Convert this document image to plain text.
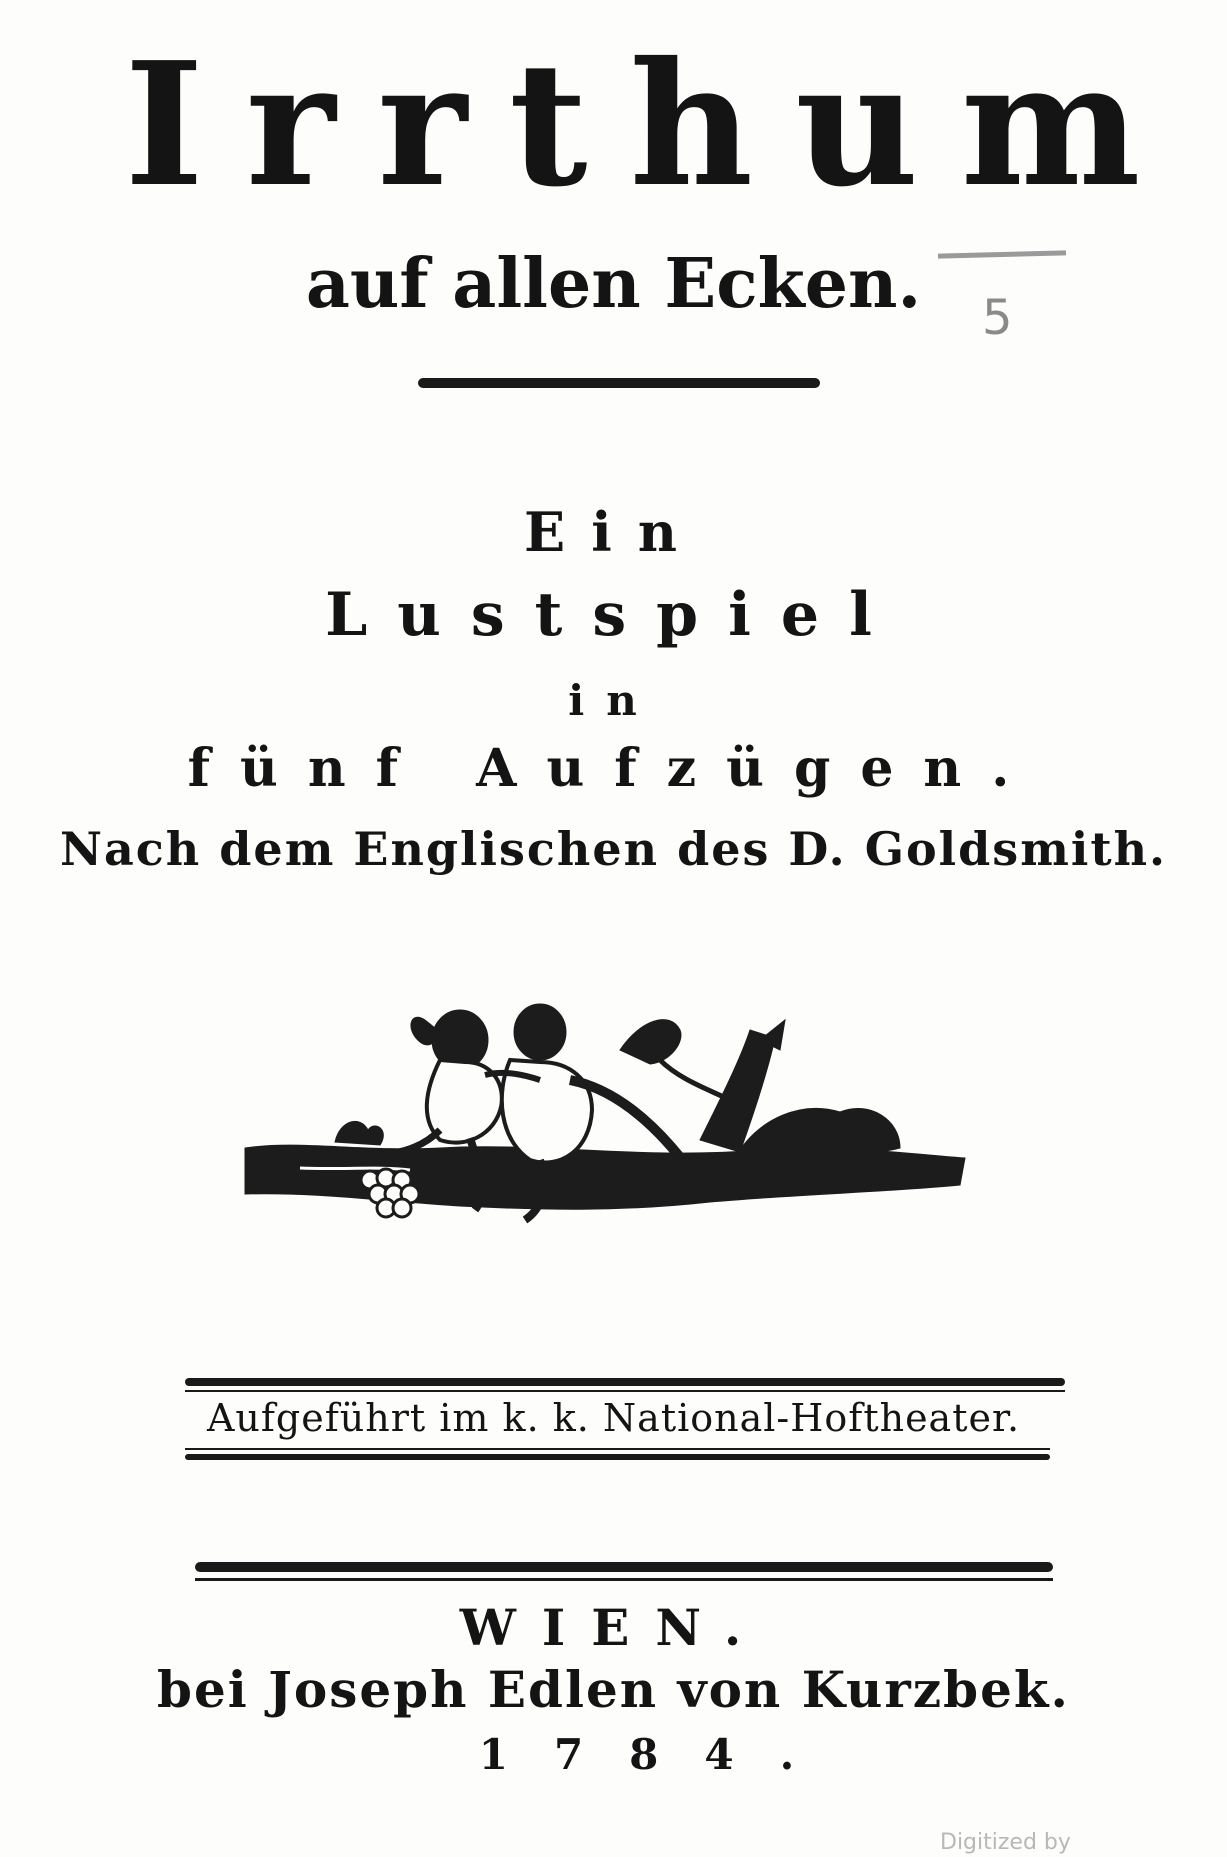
Irrthum
auf allen Ecken.	5
Ein
Lustspiel
in
fünf Aufzügen.
Nach dem Englischen des D. Goldsmith.
Aufgeführt im k. k. National-Hoftheater.
WIEN.
bei Joseph Edlen von Kurzbek.
1784.
Digitized by
